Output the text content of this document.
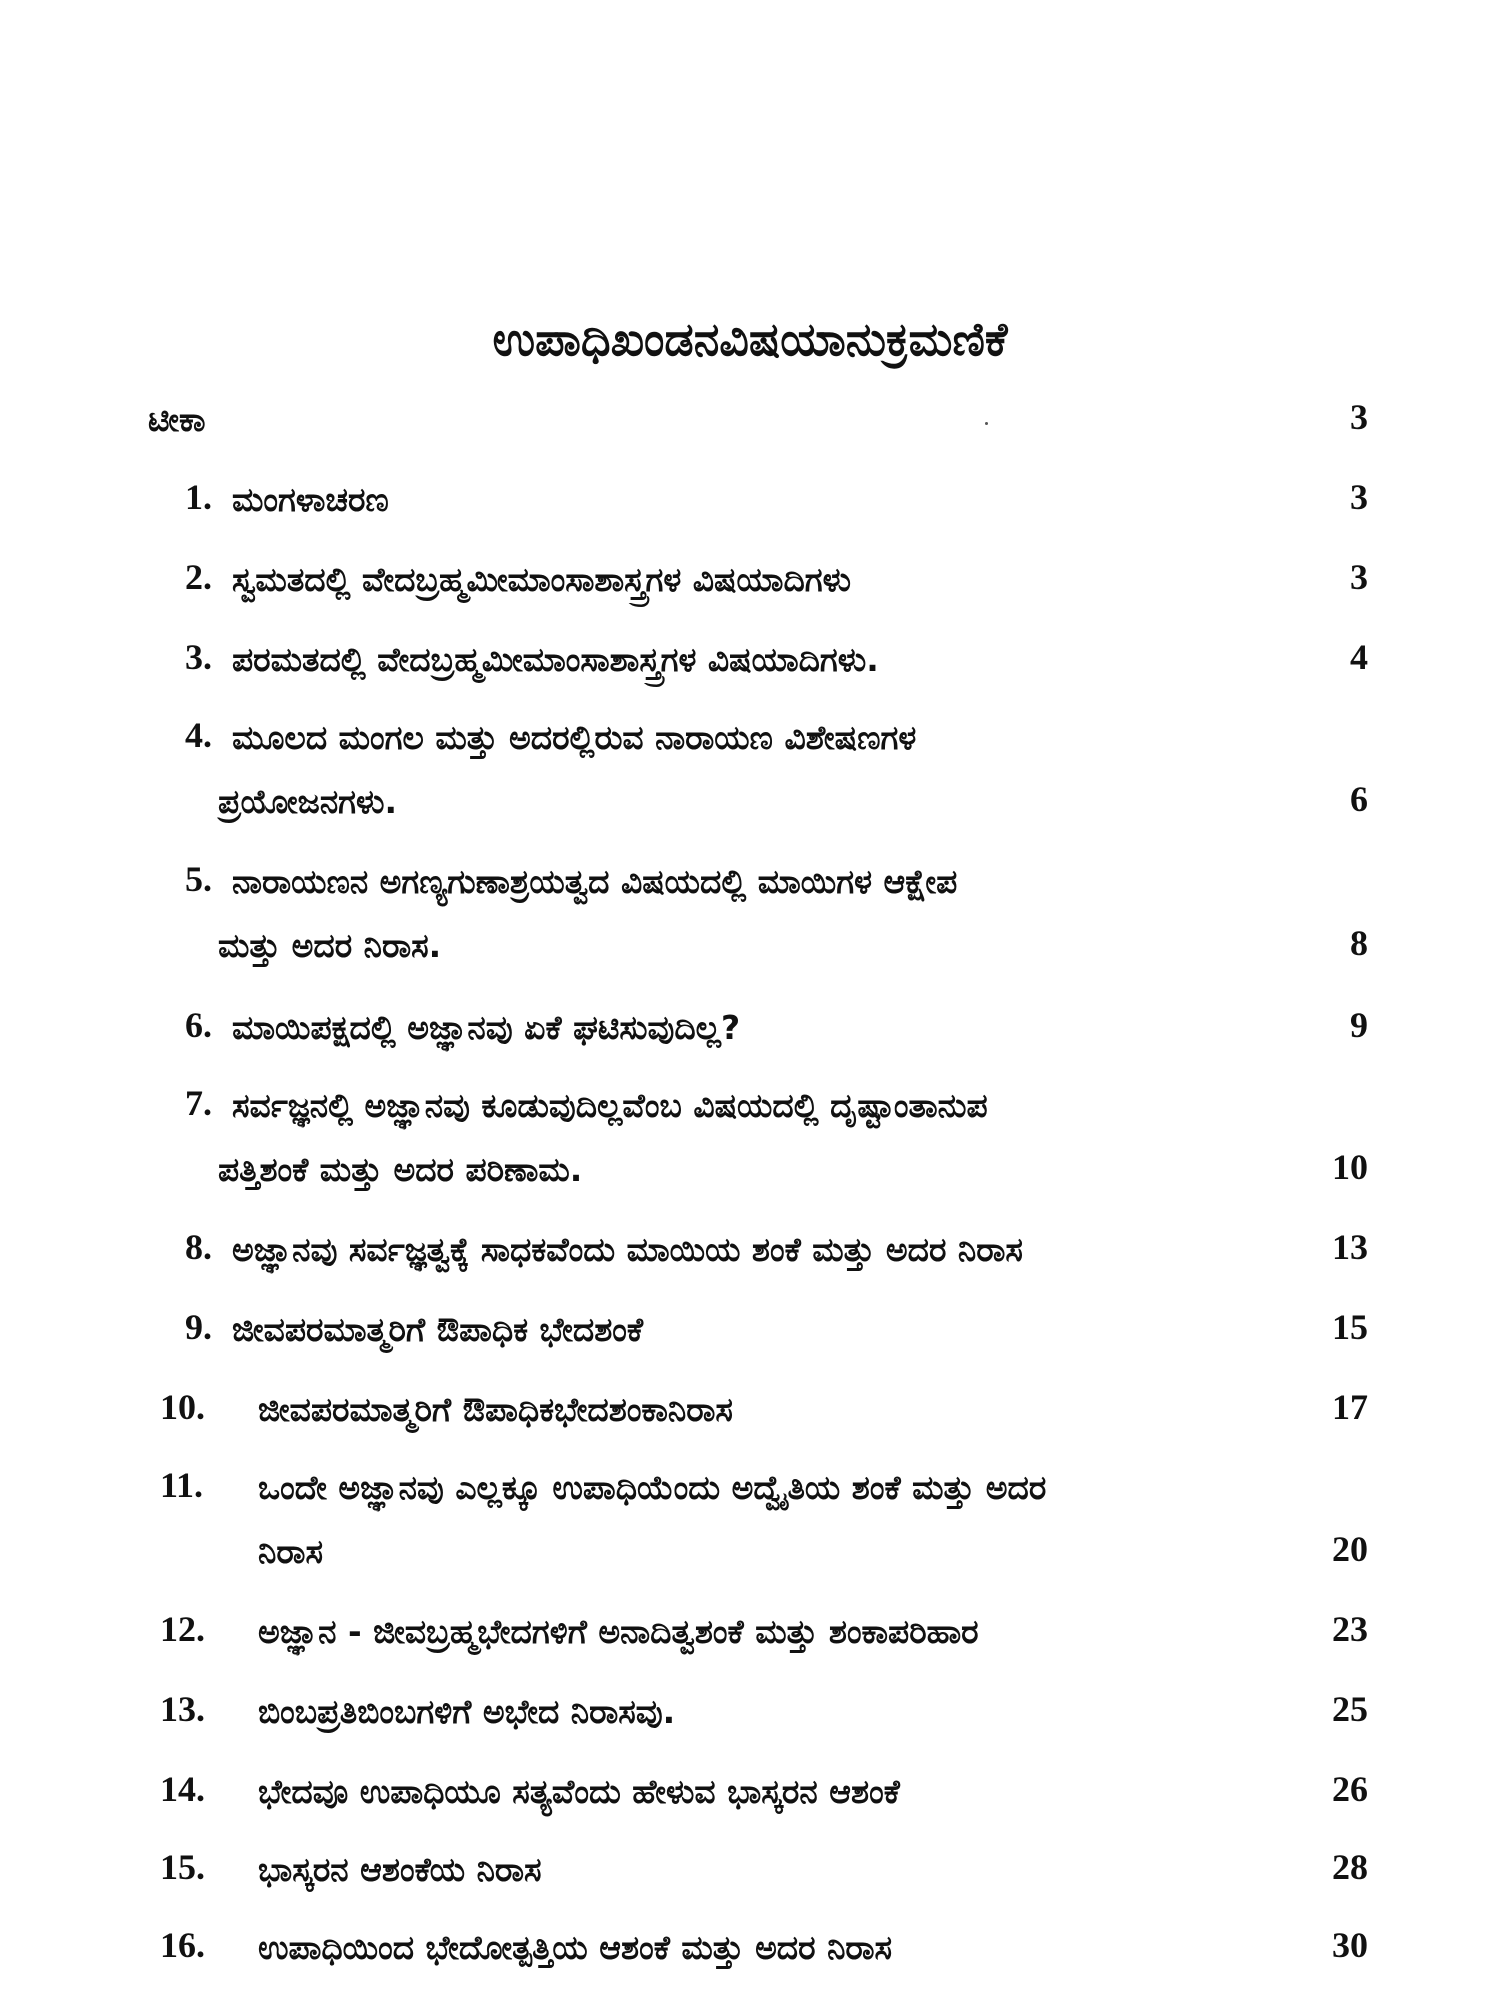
ಉಪಾಧಿಖಂಡನವಿಷಯಾನುಕ್ರಮಣಿಕೆ
ಟೀಕಾ	3
1. ಮಂಗಳಾಚರಣ	3
2. ಸ್ವಮತದಲ್ಲಿ ವೇದಬ್ರಹ್ಮಮೀಮಾಂಸಾಶಾಸ್ತ್ರಗಳ ವಿಷಯಾದಿಗಳು	3
3. ಪರಮತದಲ್ಲಿ ವೇದಬ್ರಹ್ಮಮೀಮಾಂಸಾಶಾಸ್ತ್ರಗಳ ವಿಷಯಾದಿಗಳು.	4
4. ಮೂಲದ ಮಂಗಲ ಮತ್ತು ಅದರಲ್ಲಿರುವ ನಾರಾಯಣ ವಿಶೇಷಣಗಳ
ಪ್ರಯೋಜನಗಳು.	6
5. ನಾರಾಯಣನ ಅಗಣ್ಯಗುಣಾಶ್ರಯತ್ವದ ವಿಷಯದಲ್ಲಿ ಮಾಯಿಗಳ ಆಕ್ಷೇಪ
ಮತ್ತು ಅದರ ನಿರಾಸ.	8
6. ಮಾಯಿಪಕ್ಷದಲ್ಲಿ ಅಜ್ಞಾನವು ಏಕೆ ಘಟಿಸುವುದಿಲ್ಲ?	9
7. ಸರ್ವಜ್ಞನಲ್ಲಿ ಅಜ್ಞಾನವು ಕೂಡುವುದಿಲ್ಲವೆಂಬ ವಿಷಯದಲ್ಲಿ ದೃಷ್ಟಾಂತಾನುಪ
ಪತ್ತಿಶಂಕೆ ಮತ್ತು ಅದರ ಪರಿಣಾಮ.	10
8. ಅಜ್ಞಾನವು ಸರ್ವಜ್ಞತ್ವಕ್ಕೆ ಸಾಧಕವೆಂದು ಮಾಯಿಯ ಶಂಕೆ ಮತ್ತು ಅದರ ನಿರಾಸ	13
9. ಜೀವಪರಮಾತ್ಮರಿಗೆ ಔಪಾಧಿಕ ಭೇದಶಂಕೆ	15
10. ಜೀವಪರಮಾತ್ಮರಿಗೆ ಔಪಾಧಿಕಭೇದಶಂಕಾನಿರಾಸ	17
11. ಒಂದೇ ಅಜ್ಞಾನವು ಎಲ್ಲಕ್ಕೂ ಉಪಾಧಿಯೆಂದು ಅದ್ವೈತಿಯ ಶಂಕೆ ಮತ್ತು ಅದರ
ನಿರಾಸ	20
12. ಅಜ್ಞಾನ - ಜೀವಬ್ರಹ್ಮಭೇದಗಳಿಗೆ ಅನಾದಿತ್ವಶಂಕೆ ಮತ್ತು ಶಂಕಾಪರಿಹಾರ	23
13. ಬಿಂಬಪ್ರತಿಬಿಂಬಗಳಿಗೆ ಅಭೇದ ನಿರಾಸವು.	25
14. ಭೇದವೂ ಉಪಾಧಿಯೂ ಸತ್ಯವೆಂದು ಹೇಳುವ ಭಾಸ್ಕರನ ಆಶಂಕೆ	26
15. ಭಾಸ್ಕರನ ಆಶಂಕೆಯ ನಿರಾಸ	28
16. ಉಪಾಧಿಯಿಂದ ಭೇದೋತ್ಪತ್ತಿಯ ಆಶಂಕೆ ಮತ್ತು ಅದರ ನಿರಾಸ	30
